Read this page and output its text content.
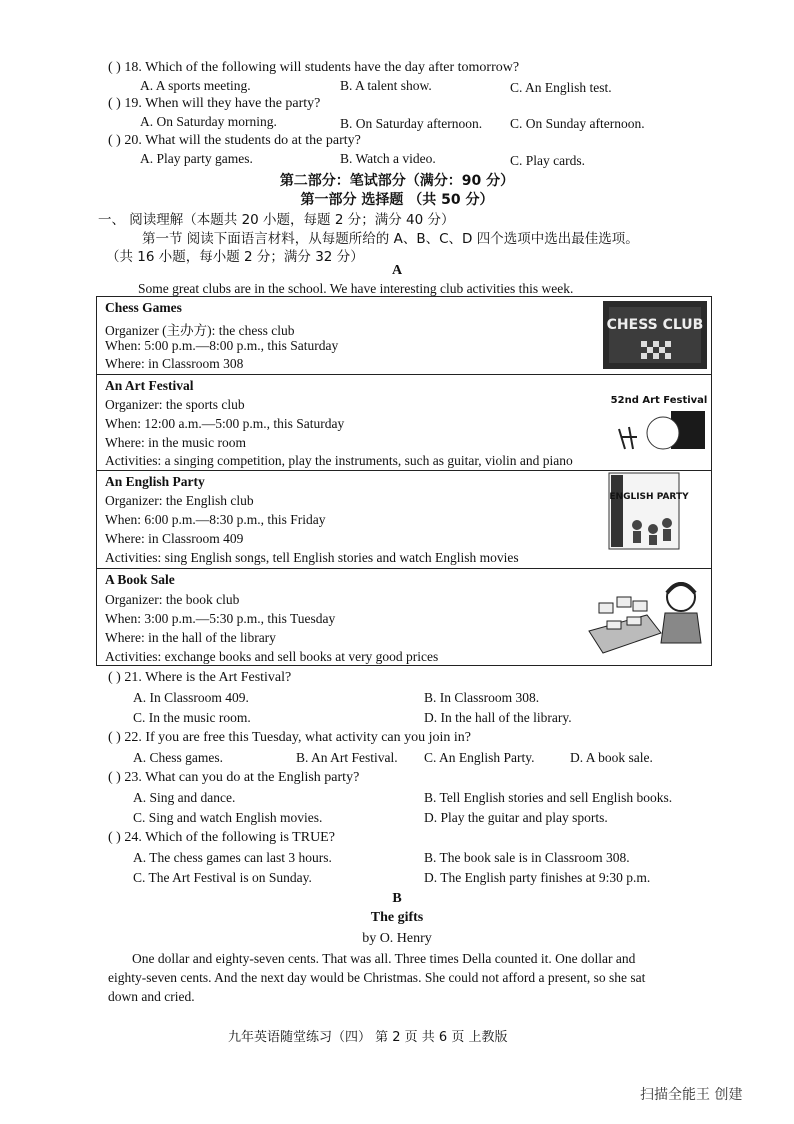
( ) 18. Which of the following will students have the day after tomorrow?
A. A sports meeting.	B. A talent show.	C. An English test.
( ) 19. When will they have the party?
A. On Saturday morning.	B. On Saturday afternoon. C. On Sunday afternoon.
( ) 20. What will the students do at the party?
A. Play party games.	B. Watch a video.	C. Play cards.
第二部分：笔试部分（满分：90 分）
第一部分 选择题 （共 50 分）
一、 阅读理解（本题共 20 小题，每题 2 分；满分 40 分）
第一节 阅读下面语言材料，从每题所给的 A、B、C、D 四个选项中选出最佳选项。
（共 16 小题，每小题 2 分；满分 32 分）
A
Some great clubs are in the school. We have interesting club activities this week.
Chess Games
Organizer (主办方): the chess club
When: 5:00 p.m.—8:00 p.m., this Saturday
Where: in Classroom 308
CHESS CLUB
An Art Festival
Organizer: the sports club
When: 12:00 a.m.—5:00 p.m., this Saturday
Where: in the music room
Activities: a singing competition, play the instruments, such as guitar, violin and piano
52nd Art Festival
An English Party
Organizer: the English club
When: 6:00 p.m.—8:30 p.m., this Friday
Where: in Classroom 409
Activities: sing English songs, tell English stories and watch English movies
ENGLISH PARTY
A Book Sale
Organizer: the book club
When: 3:00 p.m.—5:30 p.m., this Tuesday
Where: in the hall of the library
Activities: exchange books and sell books at very good prices
( ) 21. Where is the Art Festival?
A. In Classroom 409.	B. In Classroom 308.
C. In the music room.	D. In the hall of the library.
( ) 22. If you are free this Tuesday, what activity can you join in?
A. Chess games.	B. An Art Festival. C. An English Party.	D. A book sale.
( ) 23. What can you do at the English party?
A. Sing and dance.	B. Tell English stories and sell English books.
C. Sing and watch English movies.	D. Play the guitar and play sports.
( ) 24. Which of the following is TRUE?
A. The chess games can last 3 hours.	B. The book sale is in Classroom 308.
C. The Art Festival is on Sunday.	D. The English party finishes at 9:30 p.m.
B
The gifts
by O. Henry
One dollar and eighty-seven cents. That was all. Three times Della counted it. One dollar and
eighty-seven cents. And the next day would be Christmas. She could not afford a present, so she sat
down and cried.
九年英语随堂练习（四） 第 2 页 共 6 页 上教版
扫描全能王 创建
